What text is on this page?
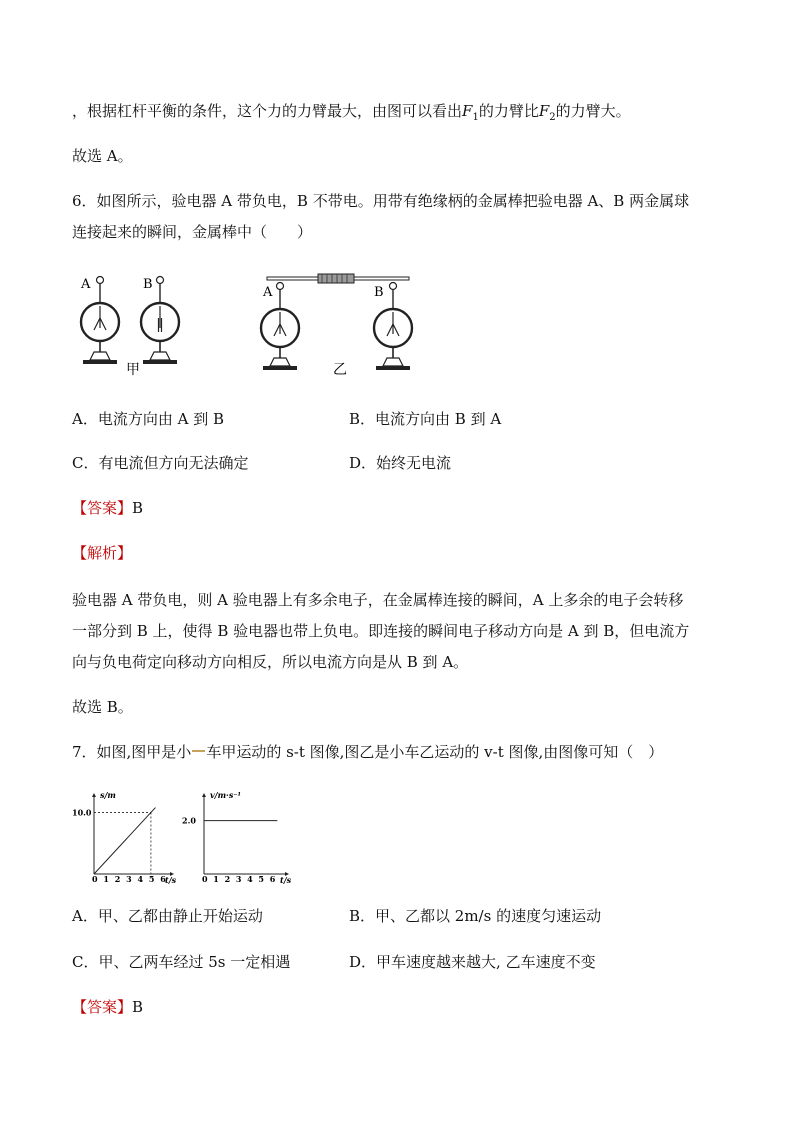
，根据杠杆平衡的条件，这个力的力臂最大，由图可以看出$F_1$的力臂比$F_2$的力臂大。
故选 A。
6．如图所示，验电器 A 带负电，B 不带电。用带有绝缘柄的金属棒把验电器 A、B 两金属球
连接起来的瞬间，金属棒中（　　）
A	B
A	B
甲	乙
A．电流方向由 A 到 B	B．电流方向由 B 到 A
C．有电流但方向无法确定	D．始终无电流
【答案】B
【解析】
验电器 A 带负电，则 A 验电器上有多余电子，在金属棒连接的瞬间，A 上多余的电子会转移
一部分到 B 上，使得 B 验电器也带上负电。即连接的瞬间电子移动方向是 A 到 B，但电流方
向与负电荷定向移动方向相反，所以电流方向是从 B 到 A。
故选 B。
7．如图,图甲是小 车甲运动的 s-t 图像,图乙是小车乙运动的 v-t 图像,由图像可知（　）
s/m
t/s
0 1 2 3 4 5 6
10.0
v/m·s⁻¹
t/s
0 1 2 3 4 5 6
2.0
A．甲、乙都由静止开始运动	B．甲、乙都以 2m/s 的速度匀速运动
C．甲、乙两车经过 5s 一定相遇	D．甲车速度越来越大, 乙车速度不变
【答案】B
